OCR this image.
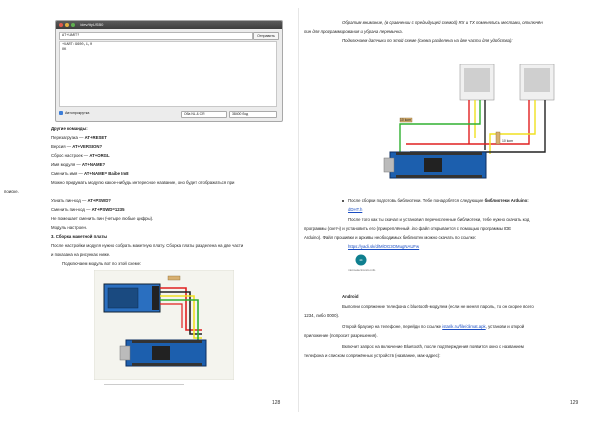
/dev/ttyUSB0
AT+UART?	Отправить
+UART:9600,1,0
OK
Автопрокрутка	Оба NL & CR	38400 бод
Другие команды:
Перезагрузка — AT+RESET
Версия — AT+VERSION?
Сброс настроек — AT+ORGL
Имя модуля — AT+NAME?
Сменить имя — AT+NAME= Baibe Im8
Можно придумать модулю какое-нибудь интересное название, оно будет отображаться при
поиске.
Узнать пин-код — AT+PSWD?
Сменить пин-код — AT+PSWD=1235
Не помешает сменить пин (четыре любые цифры).
Модуль настроен.
3. Сборка макетной платы
После настройки модуля нужно собрать макетную плату. Сборка платы разделена на две части
и показана на рисунках ниже.
Подключаем модуль вот по этой схеме:
128
Обратим внимание, (в сравнении с предыдущей схемой) RX и TX поменялись местами, отключён
пин для программирования и убрана перемычка.
Подключаем датчики по этой схеме (схема разделена на две части для удобства):
10 kom
10 kom
После сборки подготовь библиотеки. Тебе понадобятся следующие библиотеки Arduino:
dDHT.h
После того как ты скачал и установил перечисленные библиотеки, тебе нужно скачать код
программы (скетч) и установить его (прикреплённый .ino файл открывается с помощью программы IDE
Arduino). Файл прошивки и архивы необходимых библиотек можно скачать по ссылке:
https://yadi.sk/d/MlOG3OMugNAUFw
∞
microelectronics.info
Android
Выполни сопряжение телефона с bluetooth-модулем (если не менял пароль, то он скорее всего
1234, либо 0000).
Открой браузер на телефоне, перейди по ссылке istarik.ru/file/climat.apk, установи и открой
приложение (попросит разрешения).
Включит запрос на включение Bluetooth, после подтверждения появится окно с названием
телефона и списком сопряжённых устройств (название, мак-адрес):
129
